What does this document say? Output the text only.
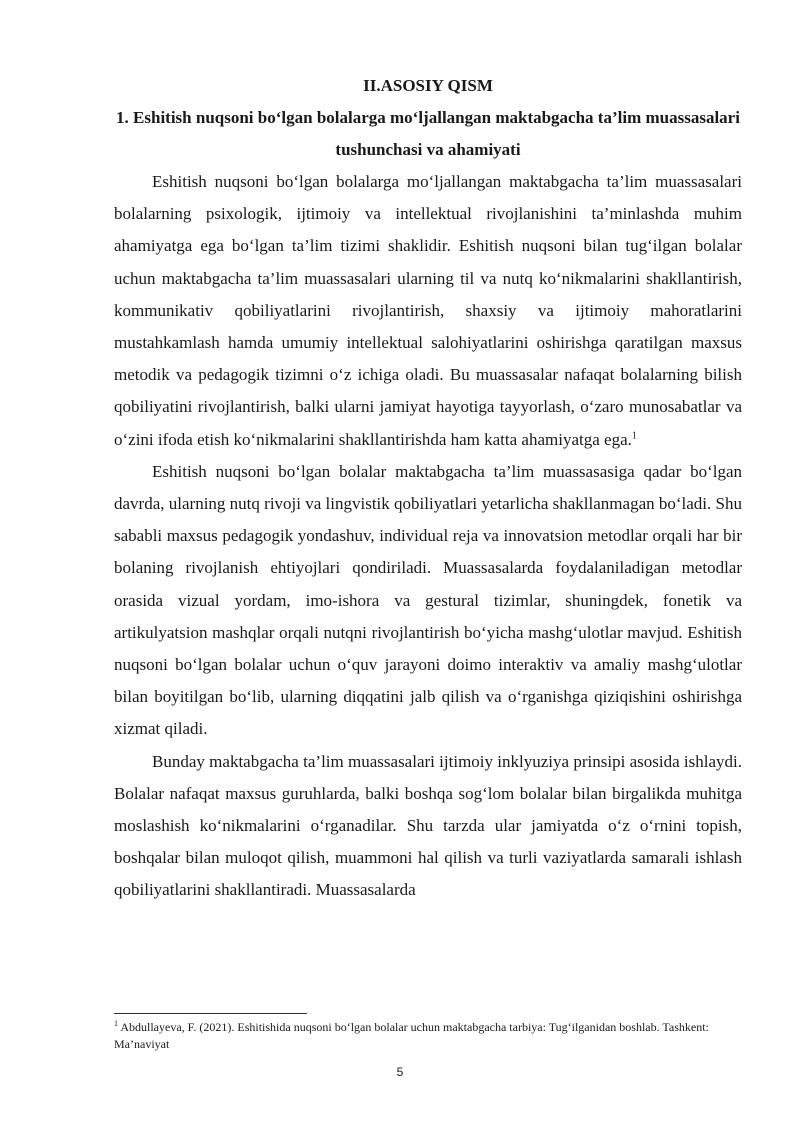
II.ASOSIY QISM

1. Eshitish nuqsoni bo‘lgan bolalarga mo‘ljallangan maktabgacha ta’lim muassasalari tushunchasi va ahamiyati

Eshitish nuqsoni bo‘lgan bolalarga mo‘ljallangan maktabgacha ta’lim muassasalari bolalarning psixologik, ijtimoiy va intellektual rivojlanishini ta’minlashda muhim ahamiyatga ega bo‘lgan ta’lim tizimi shaklidir. Eshitish nuqsoni bilan tug‘ilgan bolalar uchun maktabgacha ta’lim muassasalari ularning til va nutq ko‘nikmalarini shakllantirish, kommunikativ qobiliyatlarini rivojlantirish, shaxsiy va ijtimoiy mahoratlarini mustahkamlash hamda umumiy intellektual salohiyatlarini oshirishga qaratilgan maxsus metodik va pedagogik tizimni o‘z ichiga oladi. Bu muassasalar nafaqat bolalarning bilish qobiliyatini rivojlantirish, balki ularni jamiyat hayotiga tayyorlash, o‘zaro munosabatlar va o‘zini ifoda etish ko‘nikmalarini shakllantirishda ham katta ahamiyatga ega.$^1$

Eshitish nuqsoni bo‘lgan bolalar maktabgacha ta’lim muassasasiga qadar bo‘lgan davrda, ularning nutq rivoji va lingvistik qobiliyatlari yetarlicha shakllanmagan bo‘ladi. Shu sababli maxsus pedagogik yondashuv, individual reja va innovatsion metodlar orqali har bir bolaning rivojlanish ehtiyojlari qondiriladi. Muassasalarda foydalaniladigan metodlar orasida vizual yordam, imo-ishora va gestural tizimlar, shuningdek, fonetik va artikulyatsion mashqlar orqali nutqni rivojlantirish bo‘yicha mashg‘ulotlar mavjud. Eshitish nuqsoni bo‘lgan bolalar uchun o‘quv jarayoni doimo interaktiv va amaliy mashg‘ulotlar bilan boyitilgan bo‘lib, ularning diqqatini jalb qilish va o‘rganishga qiziqishini oshirishga xizmat qiladi.

Bunday maktabgacha ta’lim muassasalari ijtimoiy inklyuziya prinsipi asosida ishlaydi. Bolalar nafaqat maxsus guruhlarda, balki boshqa sog‘lom bolalar bilan birgalikda muhitga moslashish ko‘nikmalarini o‘rganadilar. Shu tarzda ular jamiyatda o‘z o‘rnini topish, boshqalar bilan muloqot qilish, muammoni hal qilish va turli vaziyatlarda samarali ishlash qobiliyatlarini shakllantiradi. Muassasalarda

$^1$ Abdullayeva, F. (2021). Eshitishida nuqsoni bo‘lgan bolalar uchun maktabgacha tarbiya: Tug‘ilganidan boshlab. Tashkent: Ma’naviyat

5
